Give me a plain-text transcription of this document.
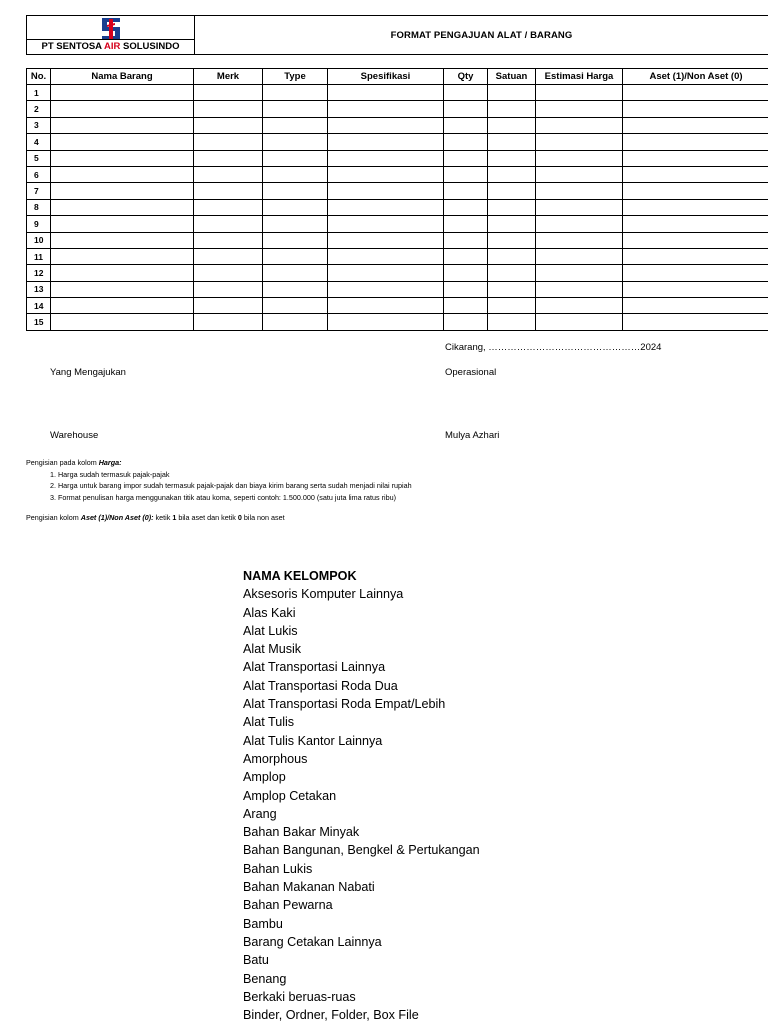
PT SENTOSA AIR SOLUSINDO
FORMAT PENGAJUAN ALAT / BARANG
No.	Nama Barang	Merk	Type	Spesifikasi	Qty	Satuan	Estimasi Harga	Aset (1)/Non Aset (0)
1								
2								
3								
4								
5								
6								
7								
8								
9								
10								
11								
12								
13								
14								
15								
Cikarang, …………………………………………2024
Yang Mengajukan	Operasional
Warehouse	Mulya Azhari
Pengisian pada kolom Harga:
1. Harga sudah termasuk pajak-pajak
2. Harga untuk barang impor sudah termasuk pajak-pajak dan biaya kirim barang serta sudah menjadi nilai rupiah
3. Format penulisan harga menggunakan titik atau koma, seperti contoh: 1.500.000 (satu juta lima ratus ribu)
Pengisian kolom Aset (1)/Non Aset (0): ketik 1 bila aset dan ketik 0 bila non aset
NAMA KELOMPOK
Aksesoris Komputer Lainnya
Alas Kaki
Alat Lukis
Alat Musik
Alat Transportasi Lainnya
Alat Transportasi Roda Dua
Alat Transportasi Roda Empat/Lebih
Alat Tulis
Alat Tulis Kantor Lainnya
Amorphous
Amplop
Amplop Cetakan
Arang
Bahan Bakar Minyak
Bahan Bangunan, Bengkel & Pertukangan
Bahan Lukis
Bahan Makanan Nabati
Bahan Pewarna
Bambu
Barang Cetakan Lainnya
Batu
Benang
Berkaki beruas-ruas
Binder, Ordner, Folder, Box File
